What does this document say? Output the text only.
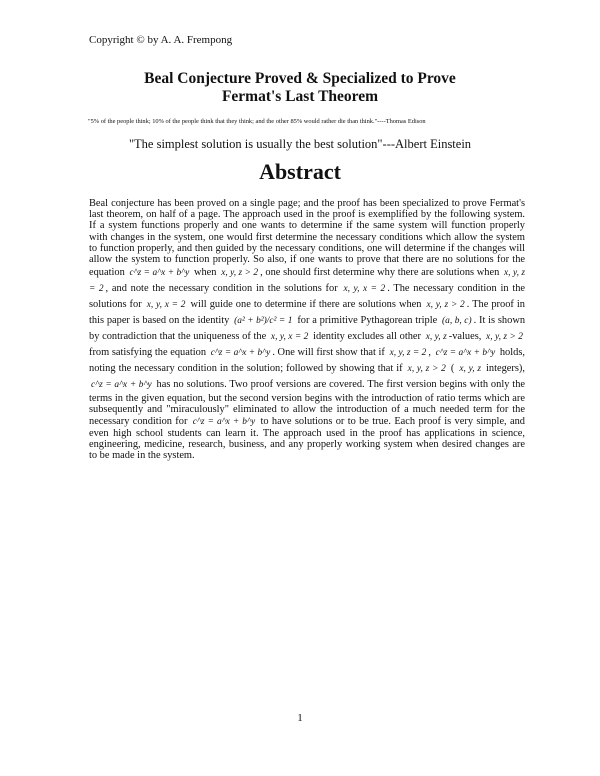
Copyright © by A. A. Frempong
Beal Conjecture Proved & Specialized to Prove
Fermat's Last Theorem
"5% of the people think; 10% of the people think that they think; and the other 85% would rather die than think."----Thomas Edison
"The simplest solution is usually the best solution"---Albert Einstein
Abstract
Beal conjecture has been proved on a single page; and the proof has been specialized to prove Fermat's last theorem, on half of a page. The approach used in the proof is exemplified by the following system. If a system functions properly and one wants to determine if the same system will function properly with changes in the system, one would first determine the necessary conditions which allow the system to function properly, and then guided by the necessary conditions, one will determine if the changes will allow the system to function properly. So also, if one wants to prove that there are no solutions for the equation c^z = a^x + b^y when x, y, z > 2 , one should first determine why there are solutions when x, y, z = 2 , and note the necessary condition in the solutions for x, y, x = 2 . The necessary condition in the solutions for x, y, x = 2 will guide one to determine if there are solutions when x, y, z > 2 . The proof in this paper is based on the identity (a² + b²)/c² = 1 for a primitive Pythagorean triple (a, b, c) . It is shown by contradiction that the uniqueness of the x, y, x = 2 identity excludes all other x, y, z -values, x, y, z > 2 from satisfying the equation c^z = a^x + b^y . One will first show that if x, y, z = 2 , c^z = a^x + b^y holds, noting the necessary condition in the solution; followed by showing that if x, y, z > 2 ( x, y, z integers), c^z = a^x + b^y has no solutions. Two proof versions are covered. The first version begins with only the terms in the given equation, but the second version begins with the introduction of ratio terms which are subsequently and "miraculously" eliminated to allow the introduction of a much needed term for the necessary condition for c^z = a^x + b^y to have solutions or to be true. Each proof is very simple, and even high school students can learn it. The approach used in the proof has applications in science, engineering, medicine, research, business, and any properly working system when desired changes are to be made in the system.
1
